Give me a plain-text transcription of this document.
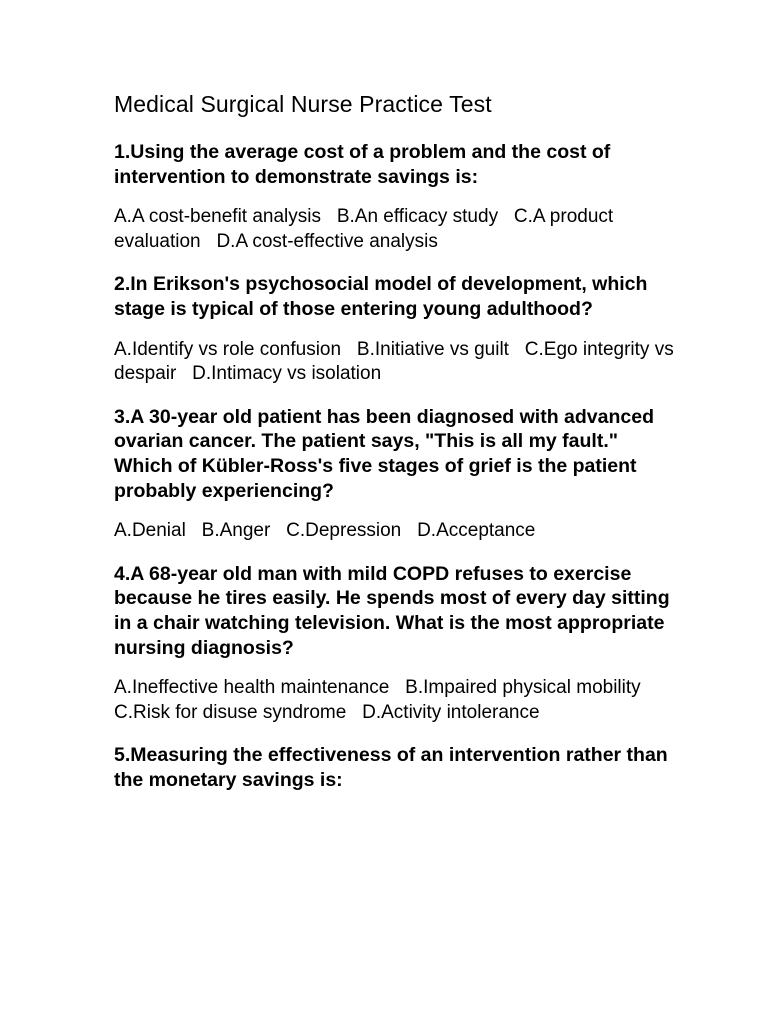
Medical Surgical Nurse Practice Test

1.Using the average cost of a problem and the cost of intervention to demonstrate savings is:

A.A cost-benefit analysis   B.An efficacy study   C.A product evaluation   D.A cost-effective analysis

2.In Erikson's psychosocial model of development, which stage is typical of those entering young adulthood?

A.Identify vs role confusion   B.Initiative vs guilt   C.Ego integrity vs despair   D.Intimacy vs isolation

3.A 30-year old patient has been diagnosed with advanced ovarian cancer. The patient says, "This is all my fault." Which of Kübler-Ross's five stages of grief is the patient probably experiencing?

A.Denial   B.Anger   C.Depression   D.Acceptance

4.A 68-year old man with mild COPD refuses to exercise because he tires easily. He spends most of every day sitting in a chair watching television. What is the most appropriate nursing diagnosis?

A.Ineffective health maintenance   B.Impaired physical mobility   C.Risk for disuse syndrome   D.Activity intolerance

5.Measuring the effectiveness of an intervention rather than the monetary savings is:
